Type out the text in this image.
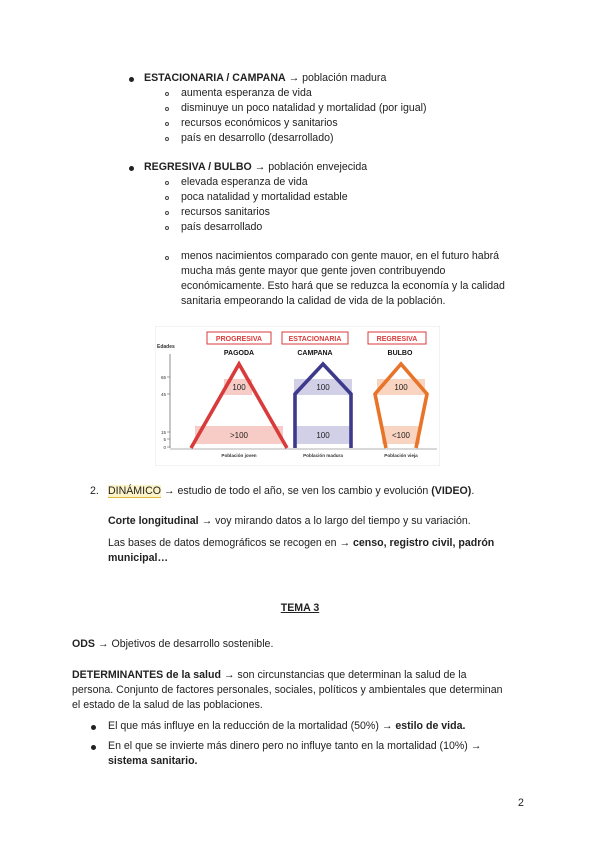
ESTACIONARIA / CAMPANA → población madura
aumenta esperanza de vida
disminuye un poco natalidad y mortalidad (por igual)
recursos económicos y sanitarios
país en desarrollo (desarrollado)
REGRESIVA / BULBO → población envejecida
elevada esperanza de vida
poca natalidad y mortalidad estable
recursos sanitarios
país desarrollado
menos nacimientos comparado con gente mauor, en el futuro habrá
mucha más gente mayor que gente joven contribuyendo
económicamente. Esto hará que se reduzca la economía y la calidad
sanitaria empeorando la calidad de vida de la población.
Edades
65
45
15
5
0
PROGRESIVA
PAGODA
100
>100
Población joven
ESTACIONARIA
CAMPANA
100
100
Población madura
REGRESIVA
BULBO
100
<100
Población vieja
2. DINÁMICO → estudio de todo el año, se ven los cambio y evolución (VIDEO).
Corte longitudinal → voy mirando datos a lo largo del tiempo y su variación.
Las bases de datos demográficos se recogen en → censo, registro civil, padrón
municipal…
TEMA 3
ODS → Objetivos de desarrollo sostenible.
DETERMINANTES de la salud → son circunstancias que determinan la salud de la
persona. Conjunto de factores personales, sociales, políticos y ambientales que determinan
el estado de la salud de las poblaciones.
El que más influye en la reducción de la mortalidad (50%) → estilo de vida.
En el que se invierte más dinero pero no influye tanto en la mortalidad (10%) →
sistema sanitario.
2
